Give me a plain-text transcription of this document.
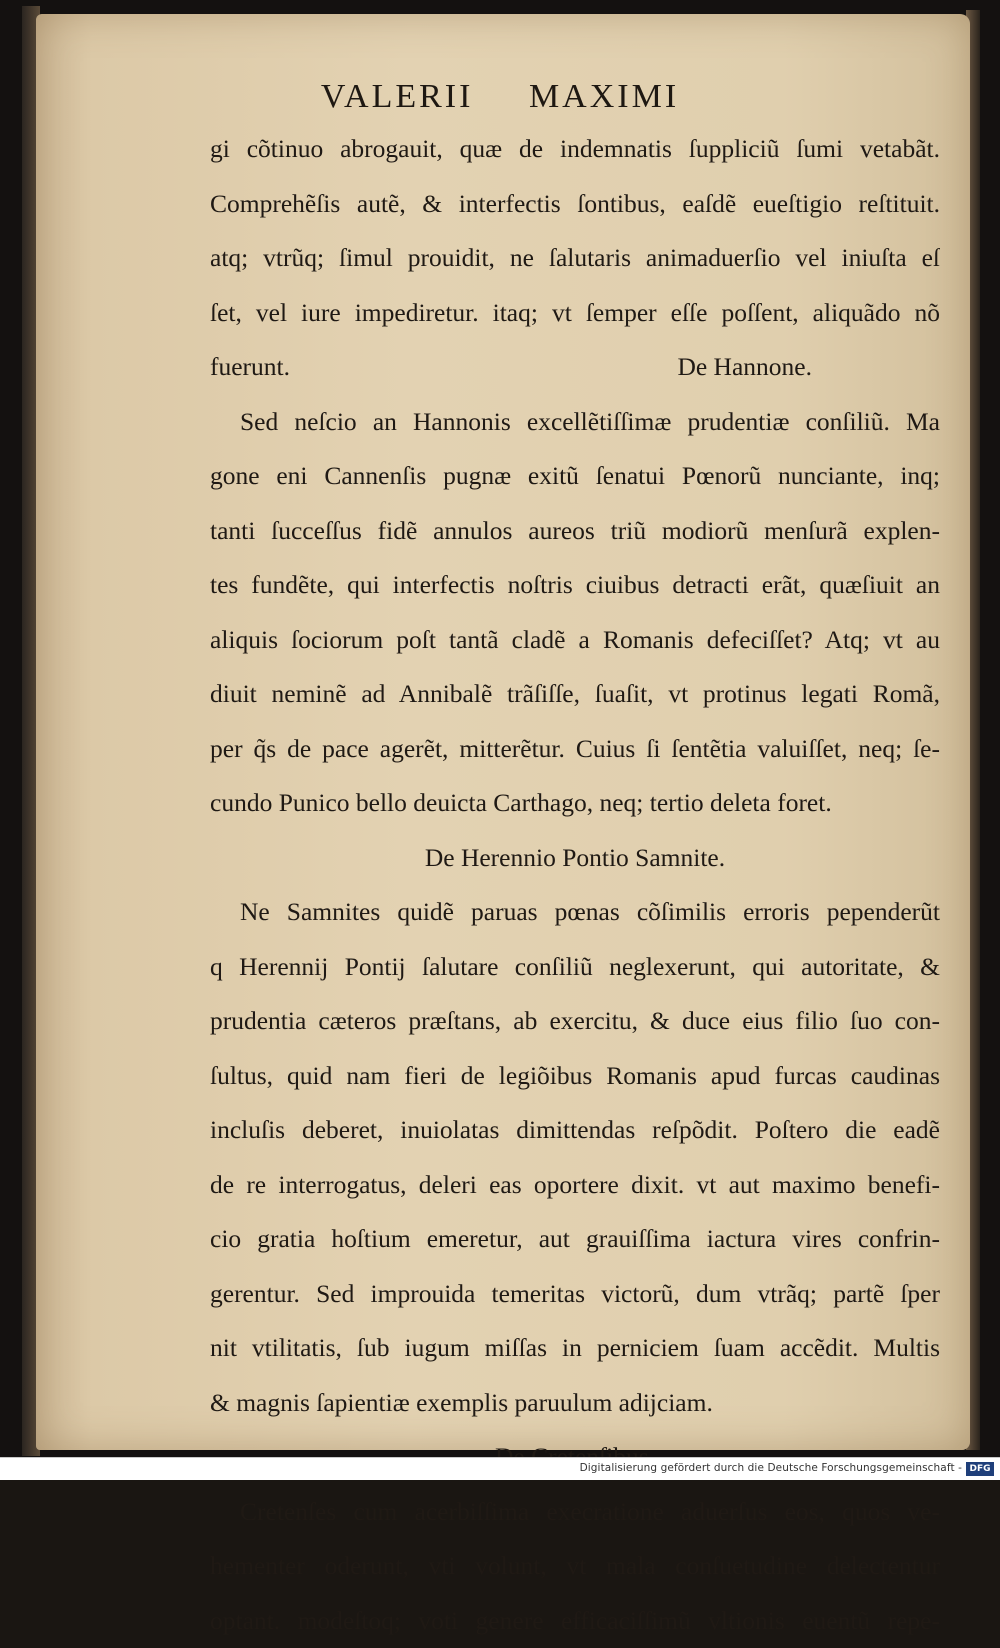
VALERII MAXIMI
gi cõtinuo abrogauit, quæ de indemnatis ſuppliciũ ſumi vetabãt.
Comprehẽſis autẽ, & interfectis ſontibus, eaſdẽ eueſtigio reſtituit.
atq; vtrũq; ſimul prouidit, ne ſalutaris animaduerſio vel iniuſta eſ
ſet, vel iure impediretur. itaq; vt ſemper eſſe poſſent, aliquãdo nõ
fuerunt.	De Hannone.
Sed neſcio an Hannonis excellẽtiſſimæ prudentiæ conſiliũ. Ma
gone eni Cannenſis pugnæ exitũ ſenatui Pœnorũ nunciante, inq;
tanti ſucceſſus fidẽ annulos aureos triũ modiorũ menſurã explen-
tes fundẽte, qui interfectis noſtris ciuibus detracti erãt, quæſiuit an
aliquis ſociorum poſt tantã cladẽ a Romanis defeciſſet? Atq; vt au
diuit neminẽ ad Annibalẽ trãſiſſe, ſuaſit, vt protinus legati Romã,
per q̃s de pace agerẽt, mitterẽtur. Cuius ſi ſentẽtia valuiſſet, neq; ſe-
cundo Punico bello deuicta Carthago, neq; tertio deleta foret.
De Herennio Pontio Samnite.
Ne Samnites quidẽ paruas pœnas cõſimilis erroris pependerũt
q Herennij Pontij ſalutare conſiliũ neglexerunt, qui autoritate, &
prudentia cæteros præſtans, ab exercitu, & duce eius filio ſuo con-
ſultus, quid nam fieri de legiõibus Romanis apud furcas caudinas
incluſis deberet, inuiolatas dimittendas reſpõdit. Poſtero die eadẽ
de re interrogatus, deleri eas oportere dixit. vt aut maximo benefi-
cio gratia hoſtium emeretur, aut grauiſſima iactura vires confrin-
gerentur. Sed improuida temeritas victorũ, dum vtrãq; partẽ ſper
nit vtilitatis, ſub iugum miſſas in perniciem ſuam accẽdit. Multis
& magnis ſapientiæ exemplis paruulum adijciam.
Cretenſes cum acerbiſſima execratione aduerſus eos, quos ve-
hementer oderunt, vti volunt, vt mala conſuetudine delectentur
optant. modeſtoq; voti genere efficaciſſimũ vltionis euentũ repe-
Digitalisierung gefördert durch die Deutsche Forschungsgemeinschaft - DFG
